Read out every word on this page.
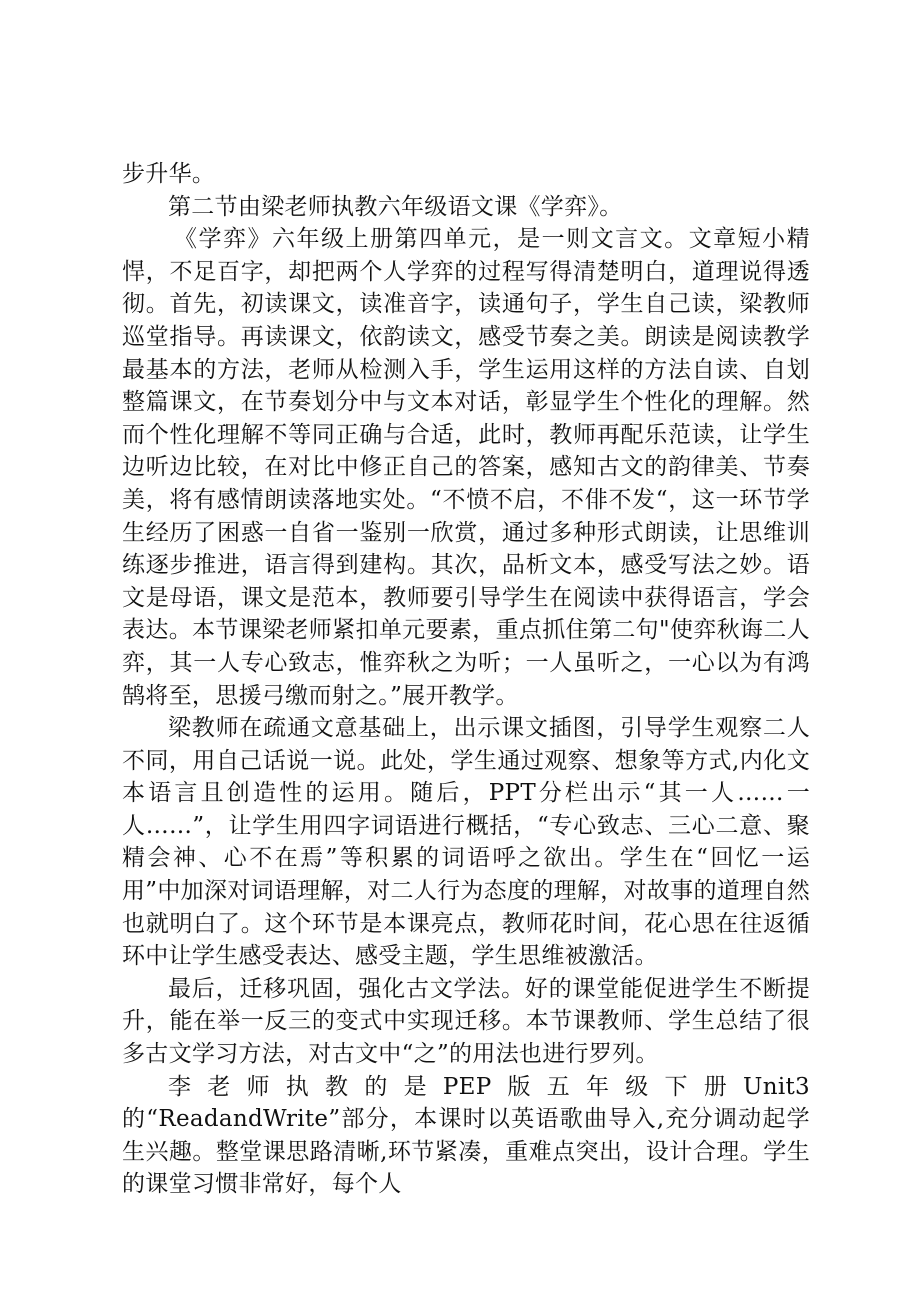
步升华。

第二节由梁老师执教六年级语文课《学弈》。

《学弈》六年级上册第四单元，是一则文言文。文章短小精悍，不足百字，却把两个人学弈的过程写得清楚明白，道理说得透彻。首先，初读课文，读准音字，读通句子，学生自己读，梁教师巡堂指导。再读课文，依韵读文，感受节奏之美。朗读是阅读教学最基本的方法，老师从检测入手，学生运用这样的方法自读、自划整篇课文，在节奏划分中与文本对话，彰显学生个性化的理解。然而个性化理解不等同正确与合适，此时，教师再配乐范读，让学生边听边比较，在对比中修正自己的答案，感知古文的韵律美、节奏美，将有感情朗读落地实处。“不愤不启，不俳不发“，这一环节学生经历了困惑一自省一鉴别一欣赏，通过多种形式朗读，让思维训练逐步推进，语言得到建构。其次，品析文本，感受写法之妙。语文是母语，课文是范本，教师要引导学生在阅读中获得语言，学会表达。本节课梁老师紧扣单元要素，重点抓住第二句"使弈秋诲二人弈，其一人专心致志，惟弈秋之为听；一人虽听之，一心以为有鸿鹄将至，思援弓缴而射之。”展开教学。

梁教师在疏通文意基础上，出示课文插图，引导学生观察二人不同，用自己话说一说。此处，学生通过观察、想象等方式,内化文本语言且创造性的运用。随后，PPT分栏出示“其一人……一人……”，让学生用四字词语进行概括，“专心致志、三心二意、聚精会神、心不在焉”等积累的词语呼之欲出。学生在“回忆一运用”中加深对词语理解，对二人行为态度的理解，对故事的道理自然也就明白了。这个环节是本课亮点，教师花时间，花心思在往返循环中让学生感受表达、感受主题，学生思维被激活。

最后，迁移巩固，强化古文学法。好的课堂能促进学生不断提升，能在举一反三的变式中实现迁移。本节课教师、学生总结了很多古文学习方法，对古文中“之”的用法也进行罗列。

李老师执教的是PEP版五年级下册Unit3的“ReadandWrite”部分，本课时以英语歌曲导入,充分调动起学生兴趣。整堂课思路清晰,环节紧凑，重难点突出，设计合理。学生的课堂习惯非常好，每个人
